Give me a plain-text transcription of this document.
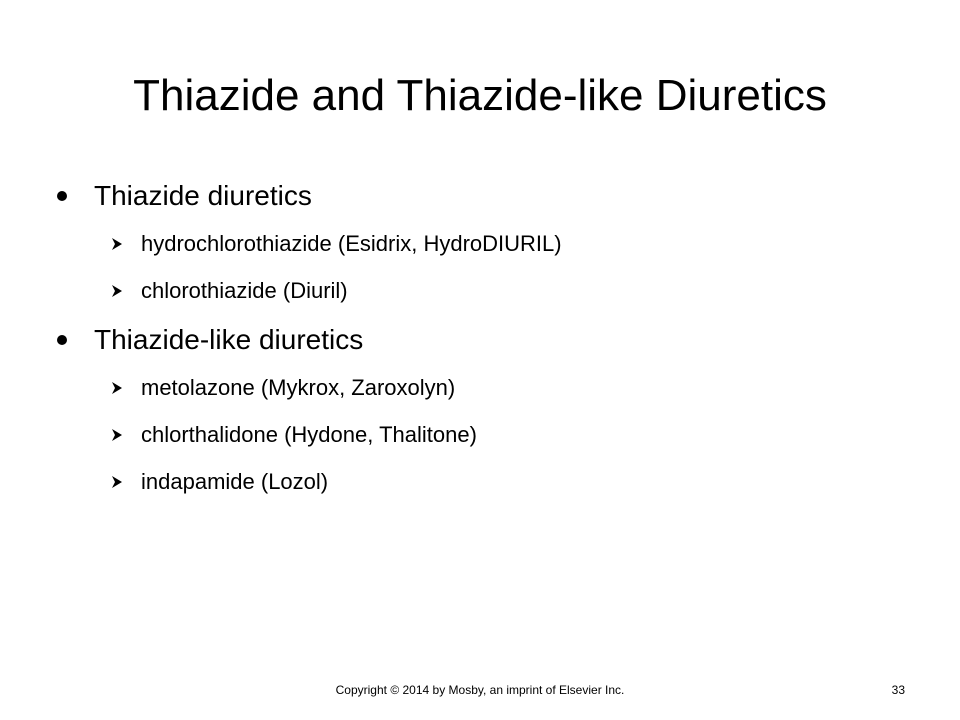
Thiazide and Thiazide-like Diuretics
Thiazide diuretics
hydrochlorothiazide (Esidrix, HydroDIURIL)
chlorothiazide (Diuril)
Thiazide-like diuretics
metolazone (Mykrox, Zaroxolyn)
chlorthalidone (Hydone, Thalitone)
indapamide (Lozol)
Copyright © 2014 by Mosby, an imprint of Elsevier Inc.	33
